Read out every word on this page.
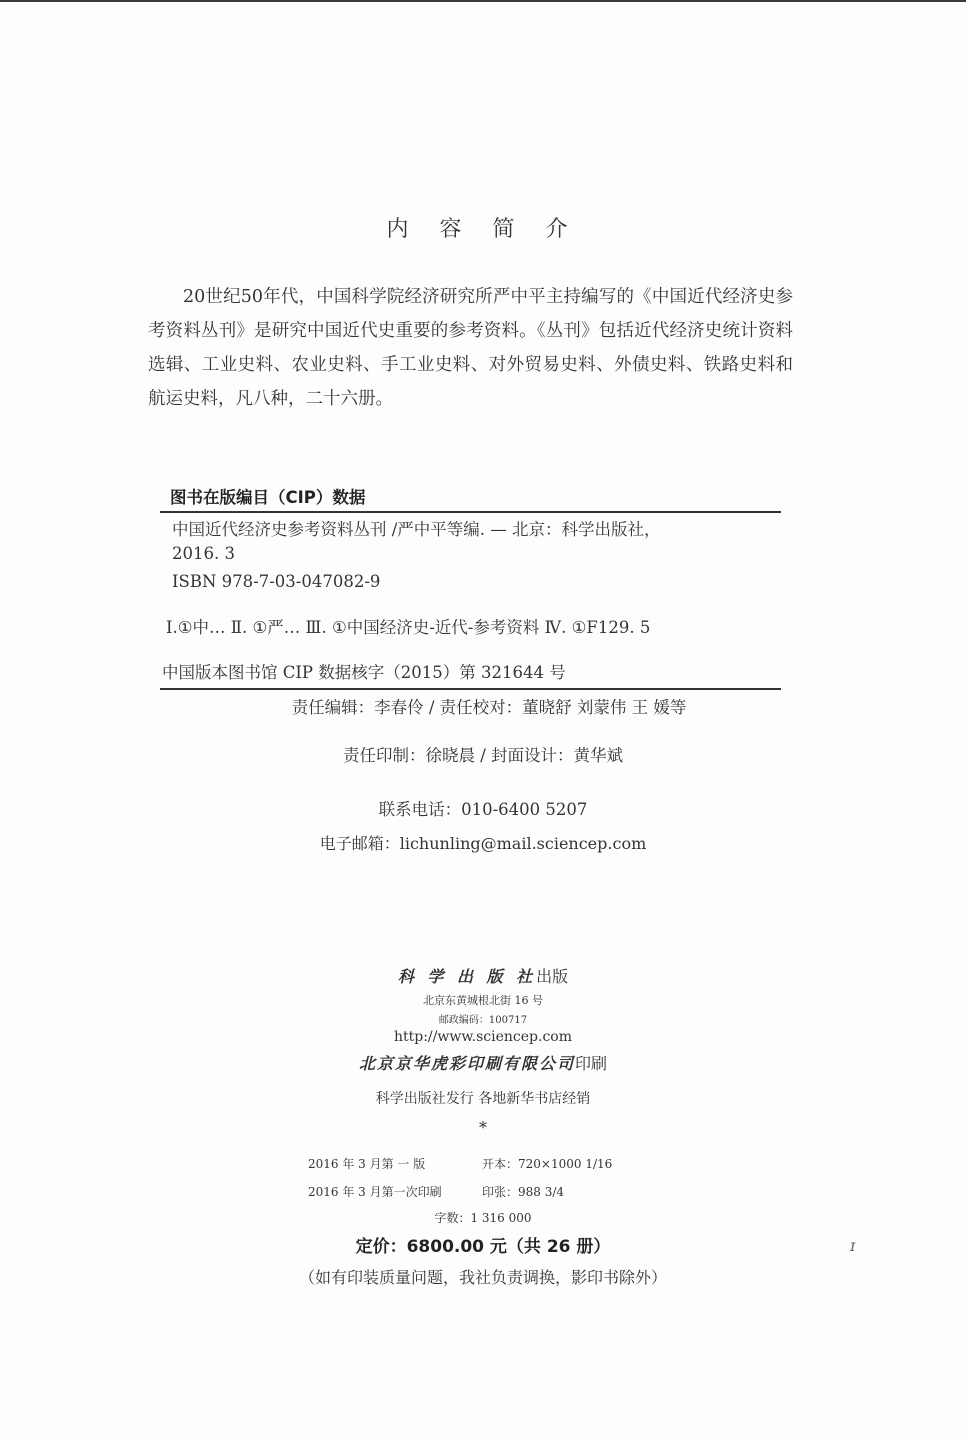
内 容 简 介

20世纪50年代，中国科学院经济研究所严中平主持编写的《中国近代经济史参考资料丛刊》是研究中国近代史重要的参考资料。《丛刊》包括近代经济史统计资料选辑、工业史料、农业史料、手工业史料、对外贸易史料、外债史料、铁路史料和航运史料，凡八种，二十六册。

图书在版编目（CIP）数据
中国近代经济史参考资料丛刊 /严中平等编. — 北京：科学出版社，
2016. 3
ISBN 978-7-03-047082-9
Ⅰ.①中… Ⅱ. ①严… Ⅲ. ①中国经济史-近代-参考资料 Ⅳ. ①F129. 5
中国版本图书馆 CIP 数据核字（2015）第 321644 号
责任编辑：李春伶 / 责任校对：董晓舒 刘蒙伟 王 媛等
责任印制：徐晓晨 / 封面设计：黄华斌
联系电话：010-6400 5207
电子邮箱：lichunling@mail.sciencep.com
科 学 出 版 社出版
北京东黄城根北街 16 号
邮政编码：100717
http://www.sciencep.com
北京京华虎彩印刷有限公司印刷
科学出版社发行 各地新华书店经销
*
2016 年 3 月第 一 版	开本：720×1000 1/16
2016 年 3 月第一次印刷	印张：988 3/4
字数：1 316 000
定价：6800.00 元（共 26 册）
（如有印装质量问题，我社负责调换，影印书除外）
ɪ
